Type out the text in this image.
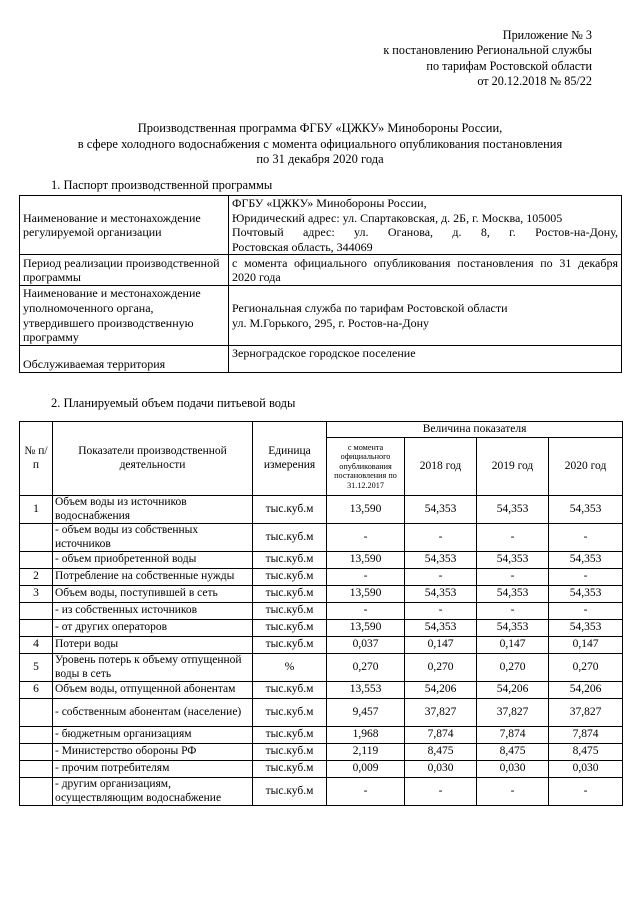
Приложение № 3
к постановлению Региональной службы
по тарифам Ростовской области
от 20.12.2018 № 85/22
Производственная программа ФГБУ «ЦЖКУ» Минобороны России,
в сфере холодного водоснабжения с момента официального опубликования постановления
по 31 декабря 2020 года
1. Паспорт производственной программы
Наименование и местонахождение регулируемой организации	ФГБУ «ЦЖКУ» Минобороны России,
Юридический адрес: ул. Спартаковская, д. 2Б, г. Москва, 105005
Почтовый адрес: ул. Оганова, д. 8, г. Ростов-на-Дону,
Ростовская область, 344069

Период реализации производственной программы	с момента официального опубликования постановления по 31 декабря 2020 года
Наименование и местонахождение уполномоченного органа, утвердившего производственную программу	Региональная служба по тарифам Ростовской области
ул. М.Горького, 295, г. Ростов-на-Дону

Обслуживаемая территория	Зерноградское городское поселение
2. Планируемый объем подачи питьевой воды
№ п/п	Показатели производственной деятельности	Единица измерения	Величина показателя			
			с момента официального опубликования постановления по 31.12.2017	2018 год	2019 год	2020 год
1	Объем воды из источников водоснабжения	тыс.куб.м	13,590	54,353	54,353	54,353
	- объем воды из собственных источников	тыс.куб.м	-	-	-	-
	- объем приобретенной воды	тыс.куб.м	13,590	54,353	54,353	54,353
2	Потребление на собственные нужды	тыс.куб.м	-	-	-	-
3	Объем воды, поступившей в сеть	тыс.куб.м	13,590	54,353	54,353	54,353
	- из собственных источников	тыс.куб.м	-	-	-	-
	- от других операторов	тыс.куб.м	13,590	54,353	54,353	54,353
4	Потери воды	тыс.куб.м	0,037	0,147	0,147	0,147
5	Уровень потерь к объему отпущенной воды в сеть	%	0,270	0,270	0,270	0,270
6	Объем воды, отпущенной абонентам	тыс.куб.м	13,553	54,206	54,206	54,206
	- собственным абонентам (население)	тыс.куб.м	9,457	37,827	37,827	37,827
	- бюджетным организациям	тыс.куб.м	1,968	7,874	7,874	7,874
	- Министерство обороны РФ	тыс.куб.м	2,119	8,475	8,475	8,475
	- прочим потребителям	тыс.куб.м	0,009	0,030	0,030	0,030
	- другим организациям, осуществляющим водоснабжение	тыс.куб.м	-	-	-	-
